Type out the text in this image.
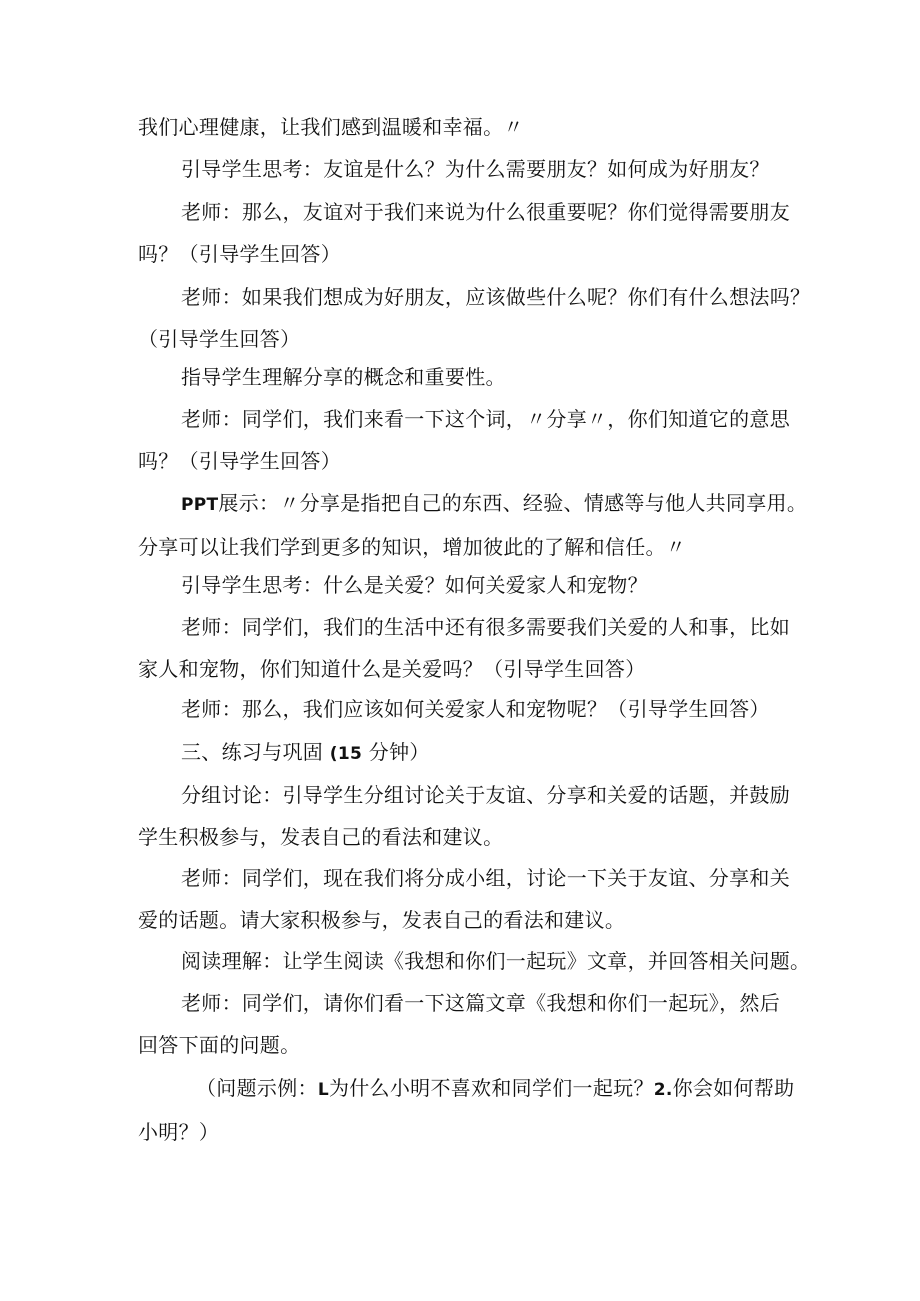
我们心理健康，让我们感到温暖和幸福。〃

引导学生思考：友谊是什么？为什么需要朋友？如何成为好朋友？

老师：那么，友谊对于我们来说为什么很重要呢？你们觉得需要朋友
吗？（引导学生回答）

老师：如果我们想成为好朋友，应该做些什么呢？你们有什么想法吗？
（引导学生回答）

指导学生理解分享的概念和重要性。

老师：同学们，我们来看一下这个词，〃分享〃，你们知道它的意思
吗？（引导学生回答）

PPT展示：〃分享是指把自己的东西、经验、情感等与他人共同享用。
分享可以让我们学到更多的知识，增加彼此的了解和信任。〃

引导学生思考：什么是关爱？如何关爱家人和宠物？

老师：同学们，我们的生活中还有很多需要我们关爱的人和事，比如
家人和宠物，你们知道什么是关爱吗？（引导学生回答）

老师：那么，我们应该如何关爱家人和宠物呢？（引导学生回答）

三、练习与巩固 (15 分钟）

分组讨论：引导学生分组讨论关于友谊、分享和关爱的话题，并鼓励
学生积极参与，发表自己的看法和建议。

老师：同学们，现在我们将分成小组，讨论一下关于友谊、分享和关
爱的话题。请大家积极参与，发表自己的看法和建议。

阅读理解：让学生阅读《我想和你们一起玩》文章，并回答相关问题。

老师：同学们，请你们看一下这篇文章《我想和你们一起玩》，然后
回答下面的问题。

（问题示例：L为什么小明不喜欢和同学们一起玩？2.你会如何帮助
小明？）
